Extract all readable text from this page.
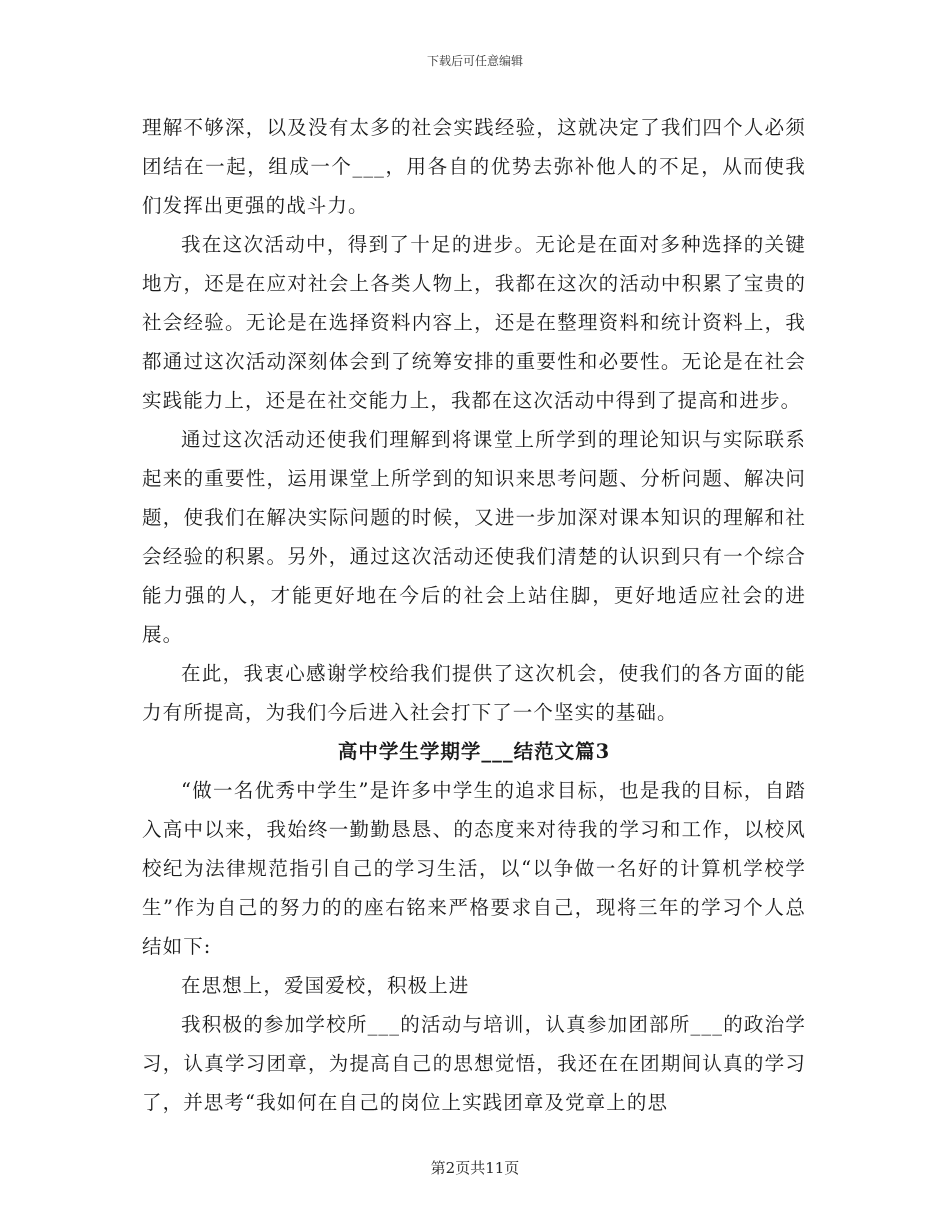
下载后可任意编辑

理解不够深，以及没有太多的社会实践经验，这就决定了我们四个人必须团结在一起，组成一个___，用各自的优势去弥补他人的不足，从而使我们发挥出更强的战斗力。

我在这次活动中，得到了十足的进步。无论是在面对多种选择的关键地方，还是在应对社会上各类人物上，我都在这次的活动中积累了宝贵的社会经验。无论是在选择资料内容上，还是在整理资料和统计资料上，我都通过这次活动深刻体会到了统筹安排的重要性和必要性。无论是在社会实践能力上，还是在社交能力上，我都在这次活动中得到了提高和进步。

通过这次活动还使我们理解到将课堂上所学到的理论知识与实际联系起来的重要性，运用课堂上所学到的知识来思考问题、分析问题、解决问题，使我们在解决实际问题的时候，又进一步加深对课本知识的理解和社会经验的积累。另外，通过这次活动还使我们清楚的认识到只有一个综合能力强的人，才能更好地在今后的社会上站住脚，更好地适应社会的进展。

在此，我衷心感谢学校给我们提供了这次机会，使我们的各方面的能力有所提高，为我们今后进入社会打下了一个坚实的基础。

高中学生学期学___结范文篇3

“做一名优秀中学生”是许多中学生的追求目标，也是我的目标，自踏入高中以来，我始终一勤勤恳恳、的态度来对待我的学习和工作，以校风校纪为法律规范指引自己的学习生活，以“以争做一名好的计算机学校学生”作为自己的努力的的座右铭来严格要求自己，现将三年的学习个人总结如下:

在思想上，爱国爱校，积极上进

我积极的参加学校所___的活动与培训，认真参加团部所___的政治学习，认真学习团章，为提高自己的思想觉悟，我还在在团期间认真的学习了，并思考“我如何在自己的岗位上实践团章及党章上的思

第2页共11页
